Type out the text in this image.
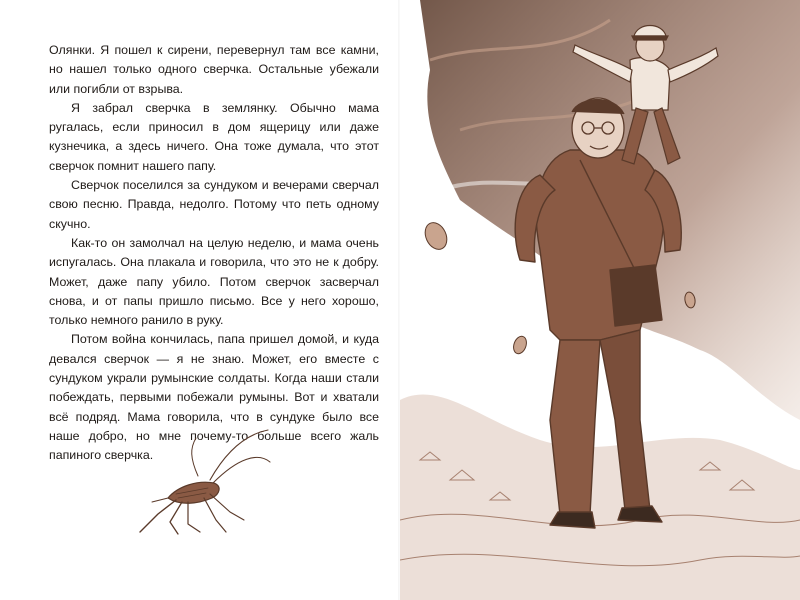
Олянки. Я пошел к сирени, перевернул там все камни, но нашел только одного сверчка. Остальные убежали или погибли от взрыва.

Я забрал сверчка в землянку. Обычно мама ругалась, если приносил в дом ящерицу или даже кузнечика, а здесь ничего. Она тоже думала, что этот сверчок помнит нашего папу.

Сверчок поселился за сундуком и вечерами сверчал свою песню. Правда, недолго. Потому что петь одному скучно.

Как-то он замолчал на целую неделю, и мама очень испугалась. Она плакала и говорила, что это не к добру. Может, даже папу убило. Потом сверчок засверчал снова, и от папы пришло письмо. Все у него хорошо, только немного ранило в руку.

Потом война кончилась, папа пришел домой, и куда девался сверчок — я не знаю. Может, его вместе с сундуком украли румынские солдаты. Когда наши стали побеждать, первыми побежали румыны. Вот и хватали всё подряд. Мама говорила, что в сундуке было все наше добро, но мне почему-то больше всего жаль папиного сверчка.
